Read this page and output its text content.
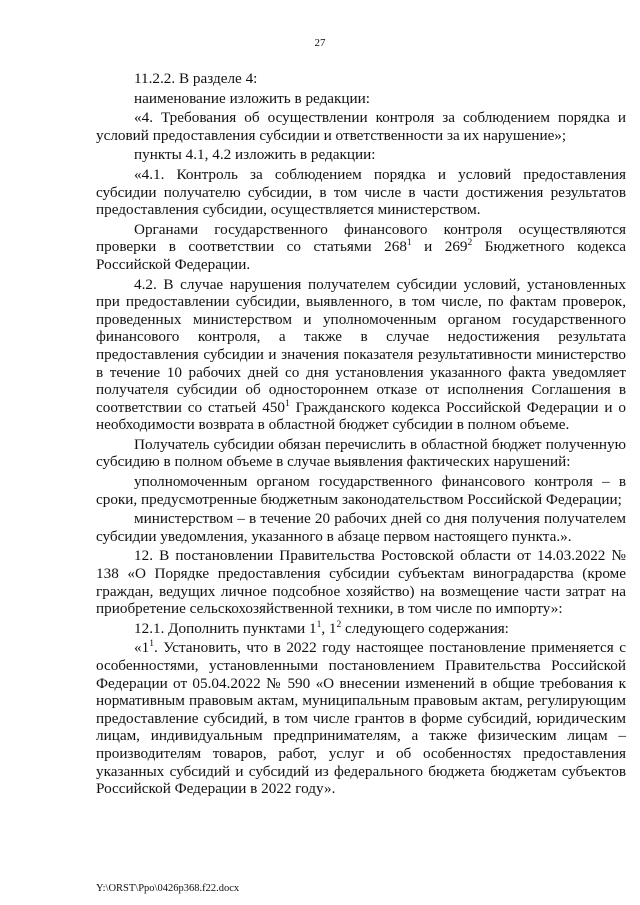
27

11.2.2. В разделе 4:

наименование изложить в редакции:

«4. Требования об осуществлении контроля за соблюдением порядка и условий предоставления субсидии и ответственности за их нарушение»;

пункты 4.1, 4.2 изложить в редакции:

«4.1. Контроль за соблюдением порядка и условий предоставления субсидии получателю субсидии, в том числе в части достижения результатов предоставления субсидии, осуществляется министерством.

Органами государственного финансового контроля осуществляются проверки в соответствии со статьями $268^1$ и $269^2$ Бюджетного кодекса Российской Федерации.

4.2. В случае нарушения получателем субсидии условий, установленных при предоставлении субсидии, выявленного, в том числе, по фактам проверок, проведенных министерством и уполномоченным органом государственного финансового контроля, а также в случае недостижения результата предоставления субсидии и значения показателя результативности министерство в течение 10 рабочих дней со дня установления указанного факта уведомляет получателя субсидии об одностороннем отказе от исполнения Соглашения в соответствии со статьей $450^1$ Гражданского кодекса Российской Федерации и о необходимости возврата в областной бюджет субсидии в полном объеме.

Получатель субсидии обязан перечислить в областной бюджет полученную субсидию в полном объеме в случае выявления фактических нарушений:

уполномоченным органом государственного финансового контроля – в сроки, предусмотренные бюджетным законодательством Российской Федерации;

министерством – в течение 20 рабочих дней со дня получения получателем субсидии уведомления, указанного в абзаце первом настоящего пункта.».

12. В постановлении Правительства Ростовской области от 14.03.2022 № 138 «О Порядке предоставления субсидии субъектам виноградарства (кроме граждан, ведущих личное подсобное хозяйство) на возмещение части затрат на приобретение сельскохозяйственной техники, в том числе по импорту»:

12.1. Дополнить пунктами $1^1$, $1^2$ следующего содержания:

«$1^1$. Установить, что в 2022 году настоящее постановление применяется с особенностями, установленными постановлением Правительства Российской Федерации от 05.04.2022 № 590 «О внесении изменений в общие требования к нормативным правовым актам, муниципальным правовым актам, регулирующим предоставление субсидий, в том числе грантов в форме субсидий, юридическим лицам, индивидуальным предпринимателям, а также физическим лицам – производителям товаров, работ, услуг и об особенностях предоставления указанных субсидий и субсидий из федерального бюджета бюджетам субъектов Российской Федерации в 2022 году».

Y:\ORST\Ppo\0426p368.f22.docx
